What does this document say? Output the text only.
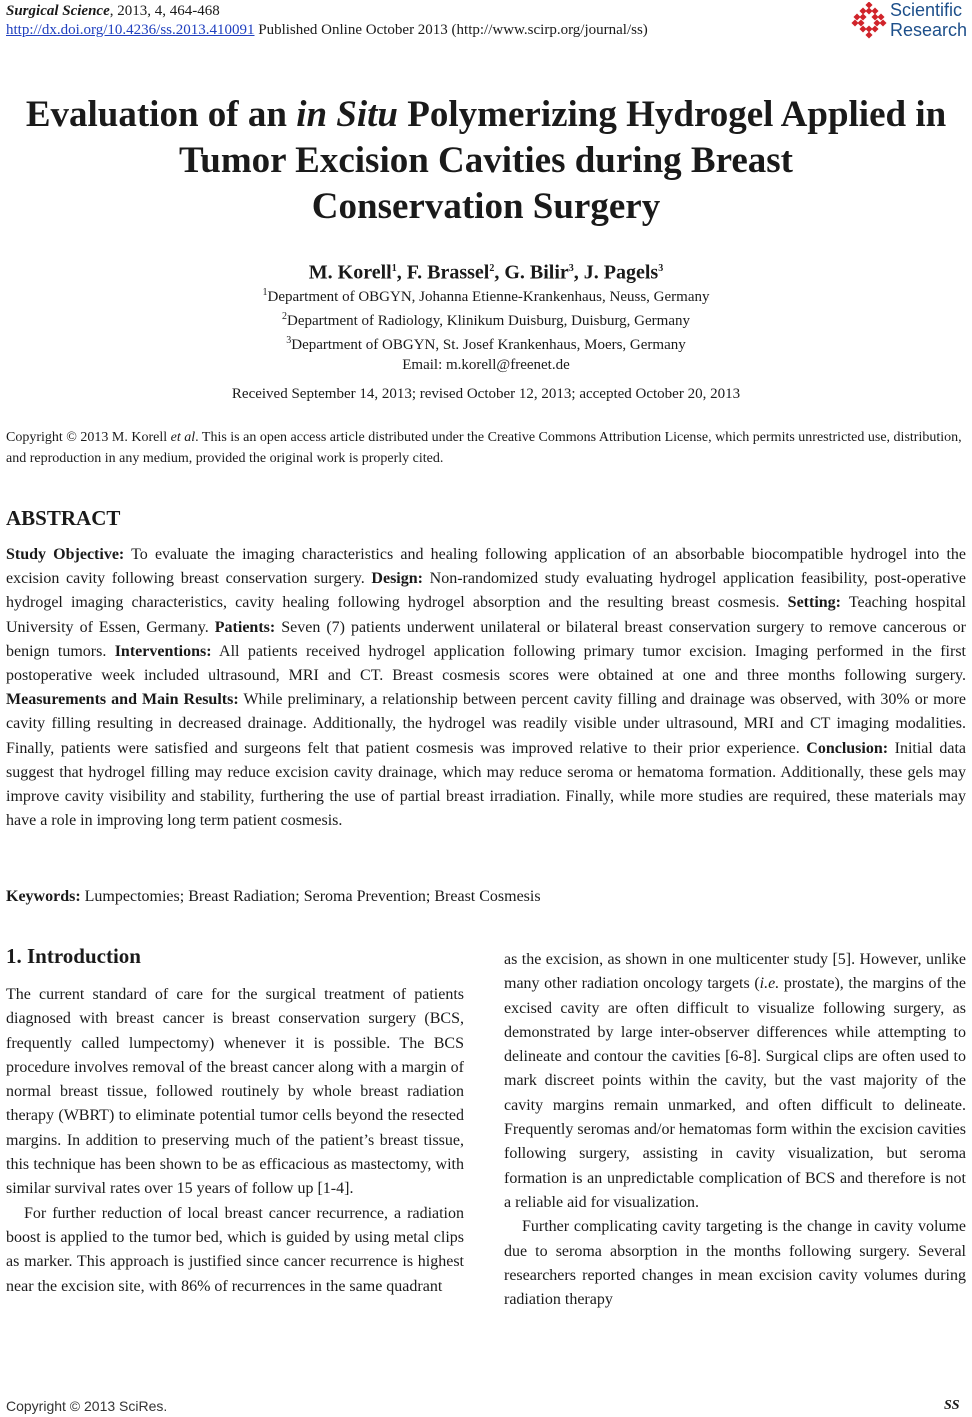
Surgical Science, 2013, 4, 464-468
http://dx.doi.org/10.4236/ss.2013.410091 Published Online October 2013 (http://www.scirp.org/journal/ss)
Scientific
Research
Evaluation of an in Situ Polymerizing Hydrogel Applied in
Tumor Excision Cavities during Breast
Conservation Surgery
M. Korell$^1$, F. Brassel$^2$, G. Bilir$^3$, J. Pagels$^3$
$^1$Department of OBGYN, Johanna Etienne-Krankenhaus, Neuss, Germany
$^2$Department of Radiology, Klinikum Duisburg, Duisburg, Germany
$^3$Department of OBGYN, St. Josef Krankenhaus, Moers, Germany
Email: m.korell@freenet.de
Received September 14, 2013; revised October 12, 2013; accepted October 20, 2013
Copyright © 2013 M. Korell et al. This is an open access article distributed under the Creative Commons Attribution License, which permits unrestricted use, distribution, and reproduction in any medium, provided the original work is properly cited.
ABSTRACT
Study Objective: To evaluate the imaging characteristics and healing following application of an absorbable biocompatible hydrogel into the excision cavity following breast conservation surgery. Design: Non-randomized study evaluating hydrogel application feasibility, post-operative hydrogel imaging characteristics, cavity healing following hydrogel absorption and the resulting breast cosmesis. Setting: Teaching hospital University of Essen, Germany. Patients: Seven (7) patients underwent unilateral or bilateral breast conservation surgery to remove cancerous or benign tumors. Interventions: All patients received hydrogel application following primary tumor excision. Imaging performed in the first postoperative week included ultrasound, MRI and CT. Breast cosmesis scores were obtained at one and three months following surgery. Measurements and Main Results: While preliminary, a relationship between percent cavity filling and drainage was observed, with 30% or more cavity filling resulting in decreased drainage. Additionally, the hydrogel was readily visible under ultrasound, MRI and CT imaging modalities. Finally, patients were satisfied and surgeons felt that patient cosmesis was improved relative to their prior experience. Conclusion: Initial data suggest that hydrogel filling may reduce excision cavity drainage, which may reduce seroma or hematoma formation. Additionally, these gels may improve cavity visibility and stability, furthering the use of partial breast irradiation. Finally, while more studies are required, these materials may have a role in improving long term patient cosmesis.
Keywords: Lumpectomies; Breast Radiation; Seroma Prevention; Breast Cosmesis
1. Introduction

The current standard of care for the surgical treatment of patients diagnosed with breast cancer is breast conservation surgery (BCS, frequently called lumpectomy) whenever it is possible. The BCS procedure involves removal of the breast cancer along with a margin of normal breast tissue, followed routinely by whole breast radiation therapy (WBRT) to eliminate potential tumor cells beyond the resected margins. In addition to preserving much of the patient’s breast tissue, this technique has been shown to be as efficacious as mastectomy, with similar survival rates over 15 years of follow up [1-4].

For further reduction of local breast cancer recurrence, a radiation boost is applied to the tumor bed, which is guided by using metal clips as marker. This approach is justified since cancer recurrence is highest near the excision site, with 86% of recurrences in the same quadrant

as the excision, as shown in one multicenter study [5]. However, unlike many other radiation oncology targets (i.e. prostate), the margins of the excised cavity are often difficult to visualize following surgery, as demonstrated by large inter-observer differences while attempting to delineate and contour the cavities [6-8]. Surgical clips are often used to mark discreet points within the cavity, but the vast majority of the cavity margins remain unmarked, and often difficult to delineate. Frequently seromas and/or hematomas form within the excision cavities following surgery, assisting in cavity visualization, but seroma formation is an unpredictable complication of BCS and therefore is not a reliable aid for visualization.

Further complicating cavity targeting is the change in cavity volume due to seroma absorption in the months following surgery. Several researchers reported changes in mean excision cavity volumes during radiation therapy

Copyright © 2013 SciRes.	SS
